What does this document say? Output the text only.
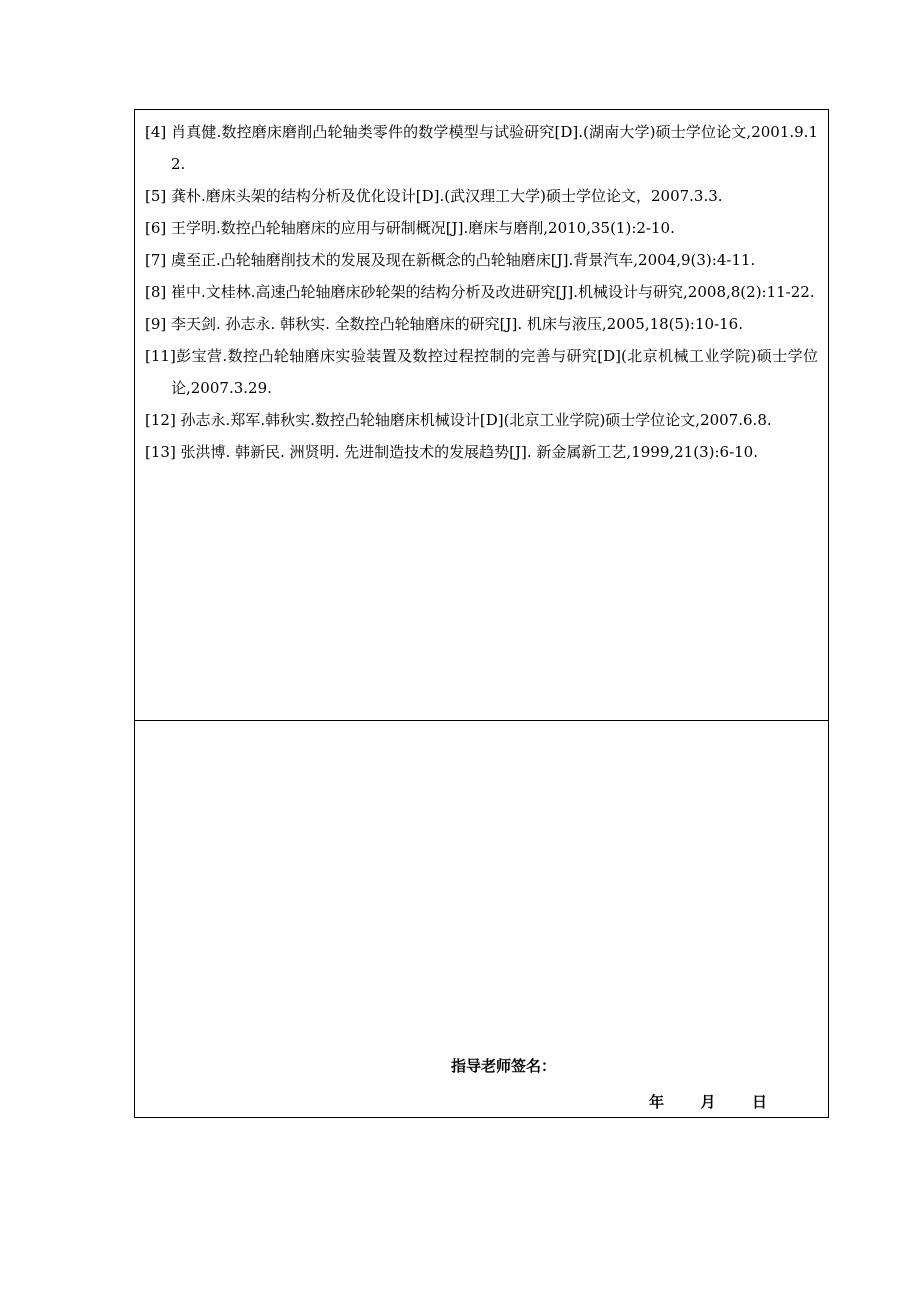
[4] 肖真健.数控磨床磨削凸轮轴类零件的数学模型与试验研究[D].(湖南大学)硕士学位论文,2001.9.12.

[5] 龚朴.磨床头架的结构分析及优化设计[D].(武汉理工大学)硕士学位论文，2007.3.3.

[6] 王学明.数控凸轮轴磨床的应用与研制概况[J].磨床与磨削,2010,35(1):2-10.

[7] 虞至正.凸轮轴磨削技术的发展及现在新概念的凸轮轴磨床[J].背景汽车,2004,9(3):4-11.

[8] 崔中.文桂林.高速凸轮轴磨床砂轮架的结构分析及改进研究[J].机械设计与研究,2008,8(2):11-22.

[9] 李天剑. 孙志永. 韩秋实. 全数控凸轮轴磨床的研究[J]. 机床与液压,2005,18(5):10-16.

[11]彭宝营.数控凸轮轴磨床实验装置及数控过程控制的完善与研究[D](北京机械工业学院)硕士学位论,2007.3.29.

[12] 孙志永.郑军.韩秋实.数控凸轮轴磨床机械设计[D](北京工业学院)硕士学位论文,2007.6.8.

[13] 张洪博. 韩新民. 洲贤明. 先进制造技术的发展趋势[J]. 新金属新工艺,1999,21(3):6-10.

指导老师签名：
年 月 日
